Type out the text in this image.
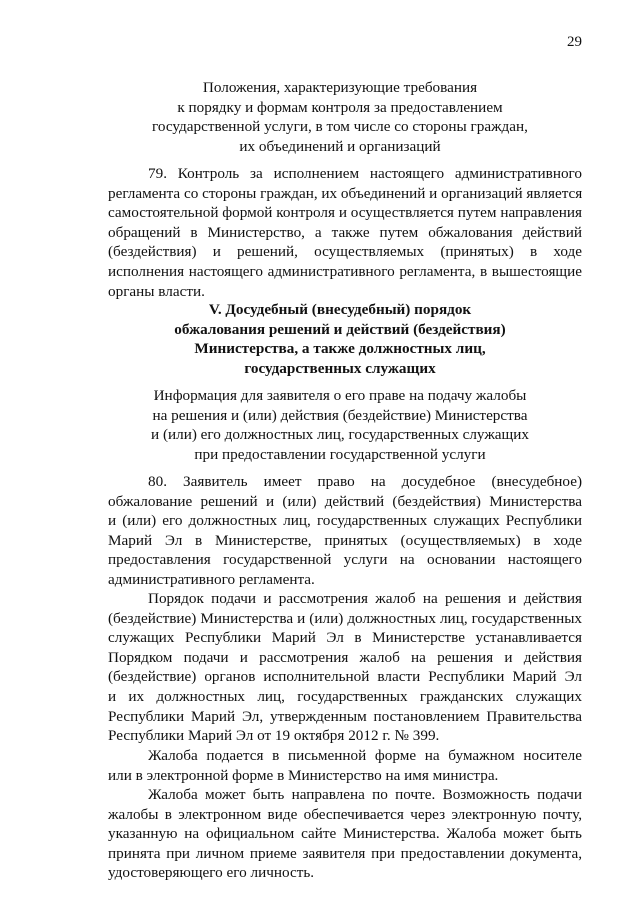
29
Положения, характеризующие требования
к порядку и формам контроля за предоставлением
государственной услуги, в том числе со стороны граждан,
их объединений и организаций
79. Контроль за исполнением настоящего административного
регламента со стороны граждан, их объединений и организаций является
самостоятельной формой контроля и осуществляется путем направления
обращений в Министерство, а также путем обжалования действий
(бездействия) и решений, осуществляемых (принятых) в ходе
исполнения настоящего административного регламента, в вышестоящие
органы власти.
V. Досудебный (внесудебный) порядок
обжалования решений и действий (бездействия)
Министерства, а также должностных лиц,
государственных служащих
Информация для заявителя о его праве на подачу жалобы
на решения и (или) действия (бездействие) Министерства
и (или) его должностных лиц, государственных служащих
при предоставлении государственной услуги
80. Заявитель имеет право на досудебное (внесудебное)
обжалование решений и (или) действий (бездействия) Министерства
и (или) его должностных лиц, государственных служащих Республики
Марий Эл в Министерстве, принятых (осуществляемых) в ходе
предоставления государственной услуги на основании настоящего
административного регламента.
Порядок подачи и рассмотрения жалоб на решения и действия
(бездействие) Министерства и (или) должностных лиц, государственных
служащих Республики Марий Эл в Министерстве устанавливается
Порядком подачи и рассмотрения жалоб на решения и действия
(бездействие) органов исполнительной власти Республики Марий Эл
и их должностных лиц, государственных гражданских служащих
Республики Марий Эл, утвержденным постановлением Правительства
Республики Марий Эл от 19 октября 2012 г. № 399.
Жалоба подается в письменной форме на бумажном носителе
или в электронной форме в Министерство на имя министра.
Жалоба может быть направлена по почте. Возможность подачи
жалобы в электронном виде обеспечивается через электронную почту,
указанную на официальном сайте Министерства. Жалоба может быть
принята при личном приеме заявителя при предоставлении документа,
удостоверяющего его личность.
